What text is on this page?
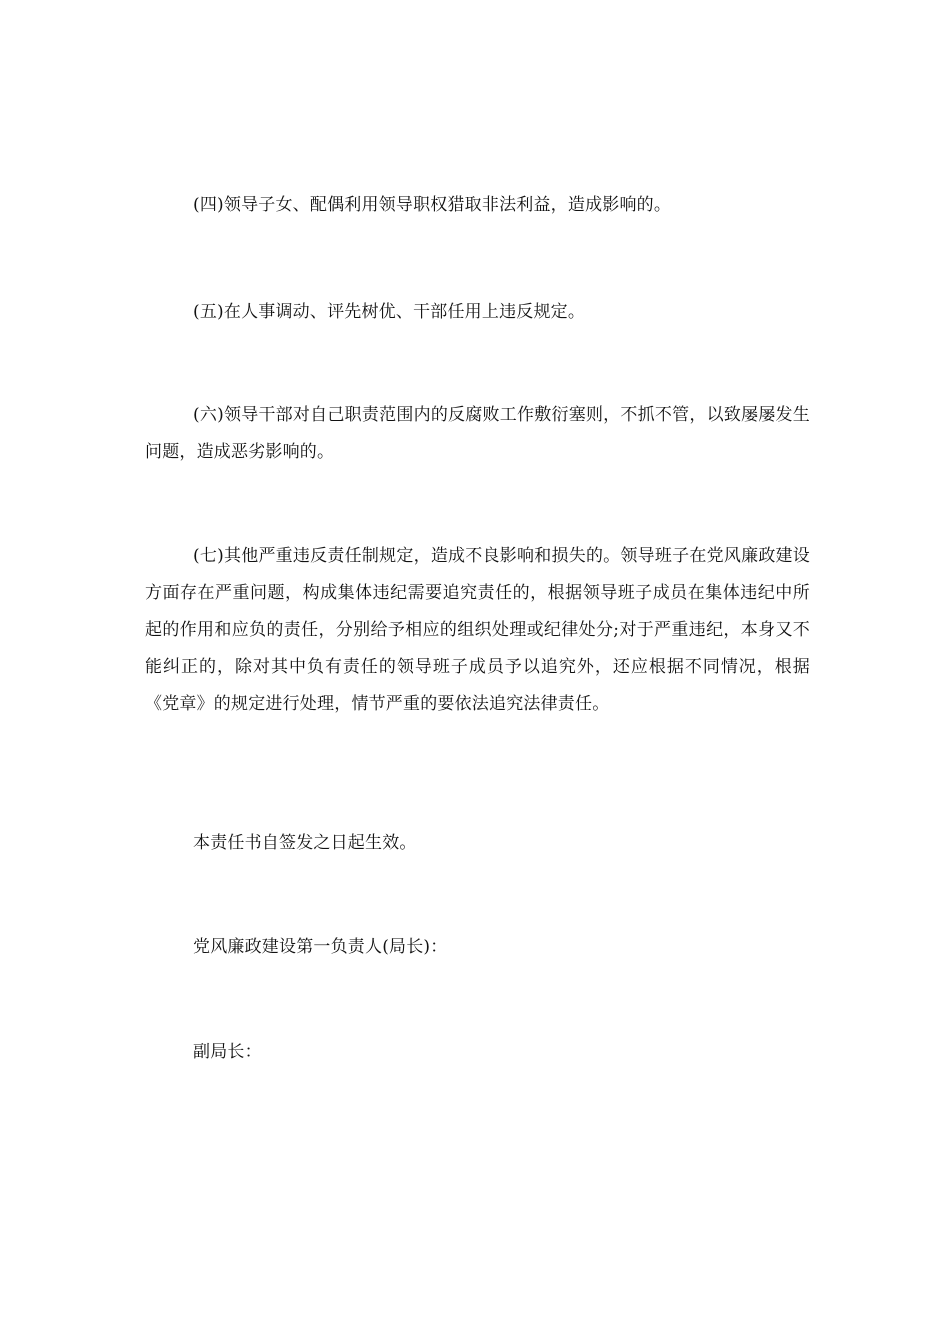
(四)领导子女、配偶利用领导职权猎取非法利益，造成影响的。

(五)在人事调动、评先树优、干部任用上违反规定。

(六)领导干部对自己职责范围内的反腐败工作敷衍塞则，不抓不管，以致屡屡发生问题，造成恶劣影响的。

(七)其他严重违反责任制规定，造成不良影响和损失的。领导班子在党风廉政建设方面存在严重问题，构成集体违纪需要追究责任的，根据领导班子成员在集体违纪中所起的作用和应负的责任，分别给予相应的组织处理或纪律处分;对于严重违纪，本身又不能纠正的，除对其中负有责任的领导班子成员予以追究外，还应根据不同情况，根据《党章》的规定进行处理，情节严重的要依法追究法律责任。

本责任书自签发之日起生效。

党风廉政建设第一负责人(局长)：

副局长：
